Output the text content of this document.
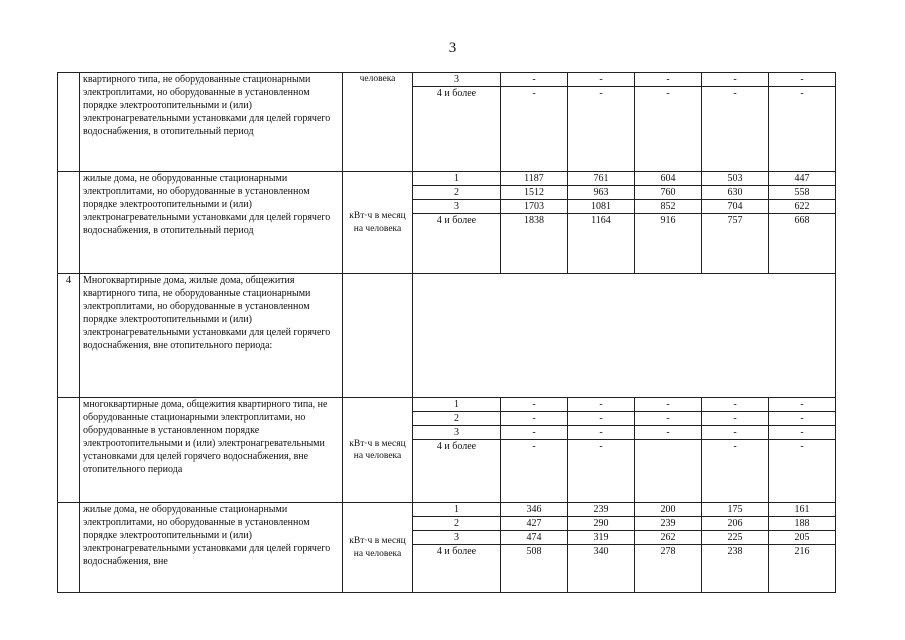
3
	квартирного типа, не оборудованные стационарными электроплитами, но оборудованные в установленном порядке электроотопительными и (или) электронагревательными установками для целей горячего водоснабжения, в отопительный период	человека	3	-	-	-	-	-
			4 и более	-	-	-	-	-
	жилые дома, не оборудованные стационарными электроплитами, но оборудованные в установленном порядке электроотопительными и (или) электронагревательными установками для целей горячего водоснабжения, в отопительный период	кВт·ч в месяц на человека	1	1187	761	604	503	447
			2	1512	963	760	630	558
			3	1703	1081	852	704	622
			4 и более	1838	1164	916	757	668
4	Многоквартирные дома, жилые дома, общежития квартирного типа, не оборудованные стационарными электроплитами, но оборудованные в установленном порядке электроотопительными и (или) электронагревательными установками для целей горячего водоснабжения, вне отопительного периода:							
	многоквартирные дома, общежития квартирного типа, не оборудованные стационарными электроплитами, но оборудованные в установленном порядке электроотопительными и (или) электронагревательными установками для целей горячего водоснабжения, вне отопительного периода	кВт·ч в месяц на человека	1	-	-	-	-	-
			2	-	-	-	-	-
			3	-	-	-	-	-
			4 и более	-	-		-	-
	жилые дома, не оборудованные стационарными электроплитами, но оборудованные в установленном порядке электроотопительными и (или) электронагревательными установками для целей горячего водоснабжения, вне	кВт·ч в месяц на человека	1	346	239	200	175	161
			2	427	290	239	206	188
			3	474	319	262	225	205
			4 и более	508	340	278	238	216
